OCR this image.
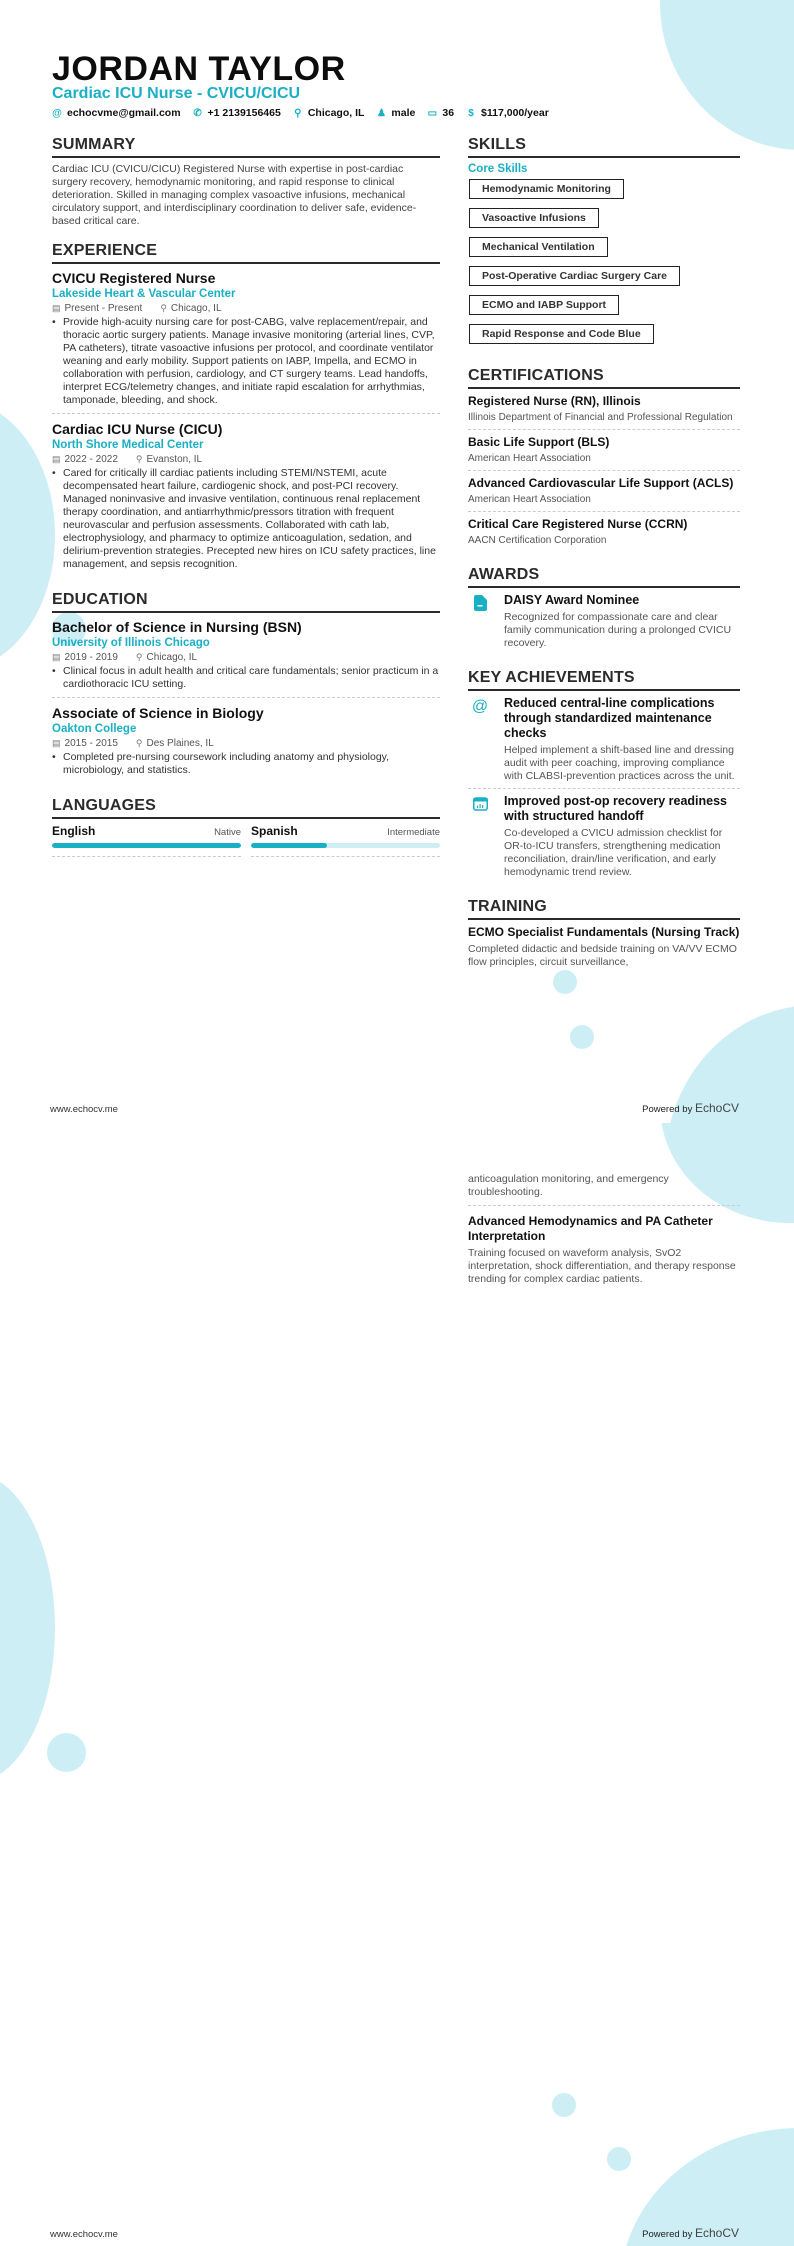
JORDAN TAYLOR
Cardiac ICU Nurse - CVICU/CICU
@ echocvme@gmail.com ✆ +1 2139156465 ⚲ Chicago, IL ♟ male ▭ 36 $ $117,000/year
SUMMARY
Cardiac ICU (CVICU/CICU) Registered Nurse with expertise in post-cardiac surgery recovery, hemodynamic monitoring, and rapid response to clinical deterioration. Skilled in managing complex vasoactive infusions, mechanical circulatory support, and interdisciplinary coordination to deliver safe, evidence-based critical care.
EXPERIENCE
CVICU Registered Nurse
Lakeside Heart & Vascular Center
▤ Present - Present ⚲ Chicago, IL
• Provide high-acuity nursing care for post-CABG, valve replacement/repair, and thoracic aortic surgery patients. Manage invasive monitoring (arterial lines, CVP, PA catheters), titrate vasoactive infusions per protocol, and coordinate ventilator weaning and early mobility. Support patients on IABP, Impella, and ECMO in collaboration with perfusion, cardiology, and CT surgery teams. Lead handoffs, interpret ECG/telemetry changes, and initiate rapid escalation for arrhythmias, tamponade, bleeding, and shock.
Cardiac ICU Nurse (CICU)
North Shore Medical Center
▤ 2022 - 2022 ⚲ Evanston, IL
• Cared for critically ill cardiac patients including STEMI/NSTEMI, acute decompensated heart failure, cardiogenic shock, and post-PCI recovery. Managed noninvasive and invasive ventilation, continuous renal replacement therapy coordination, and antiarrhythmic/pressors titration with frequent neurovascular and perfusion assessments. Collaborated with cath lab, electrophysiology, and pharmacy to optimize anticoagulation, sedation, and delirium-prevention strategies. Precepted new hires on ICU safety practices, line management, and sepsis recognition.
EDUCATION
Bachelor of Science in Nursing (BSN)
University of Illinois Chicago
▤ 2019 - 2019 ⚲ Chicago, IL
• Clinical focus in adult health and critical care fundamentals; senior practicum in a cardiothoracic ICU setting.
Associate of Science in Biology
Oakton College
▤ 2015 - 2015 ⚲ Des Plaines, IL
• Completed pre-nursing coursework including anatomy and physiology, microbiology, and statistics.
LANGUAGES
English	Native Spanish	Intermediate
SKILLS
Core Skills
Hemodynamic Monitoring
Vasoactive Infusions
Mechanical Ventilation
Post-Operative Cardiac Surgery Care
ECMO and IABP Support
Rapid Response and Code Blue
CERTIFICATIONS
Registered Nurse (RN), Illinois
Illinois Department of Financial and Professional Regulation
Basic Life Support (BLS)
American Heart Association
Advanced Cardiovascular Life Support (ACLS)
American Heart Association
Critical Care Registered Nurse (CCRN)
AACN Certification Corporation
AWARDS
DAISY Award Nominee
Recognized for compassionate care and clear family communication during a prolonged CVICU recovery.
KEY ACHIEVEMENTS
@	Reduced central-line complications through standardized maintenance checks
Helped implement a shift-based line and dressing audit with peer coaching, improving compliance with CLABSI-prevention practices across the unit.
Improved post-op recovery readiness with structured handoff
Co-developed a CVICU admission checklist for OR-to-ICU transfers, strengthening medication reconciliation, drain/line verification, and early hemodynamic trend review.
TRAINING
ECMO Specialist Fundamentals (Nursing Track)
Completed didactic and bedside training on VA/VV ECMO flow principles, circuit surveillance,
www.echocv.me	Powered by EchoCV
anticoagulation monitoring, and emergency troubleshooting.
Advanced Hemodynamics and PA Catheter Interpretation
Training focused on waveform analysis, SvO2 interpretation, shock differentiation, and therapy response trending for complex cardiac patients.
www.echocv.me	Powered by EchoCV
